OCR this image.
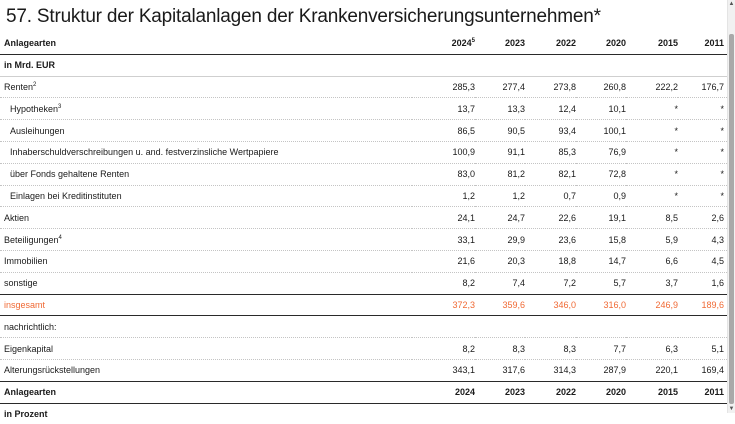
57. Struktur der Kapitalanlagen der Krankenversicherungsunternehmen*
Anlagearten	2024$^5$	2023	2022	2020	2015	2011
in Mrd. EUR						
Renten$^2$	285,3	277,4	273,8	260,8	222,2	176,7
Hypotheken$^3$	13,7	13,3	12,4	10,1	*	*
Ausleihungen	86,5	90,5	93,4	100,1	*	*
Inhaberschuldverschreibungen u. and. festverzinsliche Wertpapiere	100,9	91,1	85,3	76,9	*	*
über Fonds gehaltene Renten	83,0	81,2	82,1	72,8	*	*
Einlagen bei Kreditinstituten	1,2	1,2	0,7	0,9	*	*
Aktien	24,1	24,7	22,6	19,1	8,5	2,6
Beteiligungen$^4$	33,1	29,9	23,6	15,8	5,9	4,3
Immobilien	21,6	20,3	18,8	14,7	6,6	4,5
sonstige	8,2	7,4	7,2	5,7	3,7	1,6
insgesamt	372,3	359,6	346,0	316,0	246,9	189,6
nachrichtlich:						
Eigenkapital	8,2	8,3	8,3	7,7	6,3	5,1
Alterungsrückstellungen	343,1	317,6	314,3	287,9	220,1	169,4
Anlagearten	2024	2023	2022	2020	2015	2011
in Prozent						
▲
▼
